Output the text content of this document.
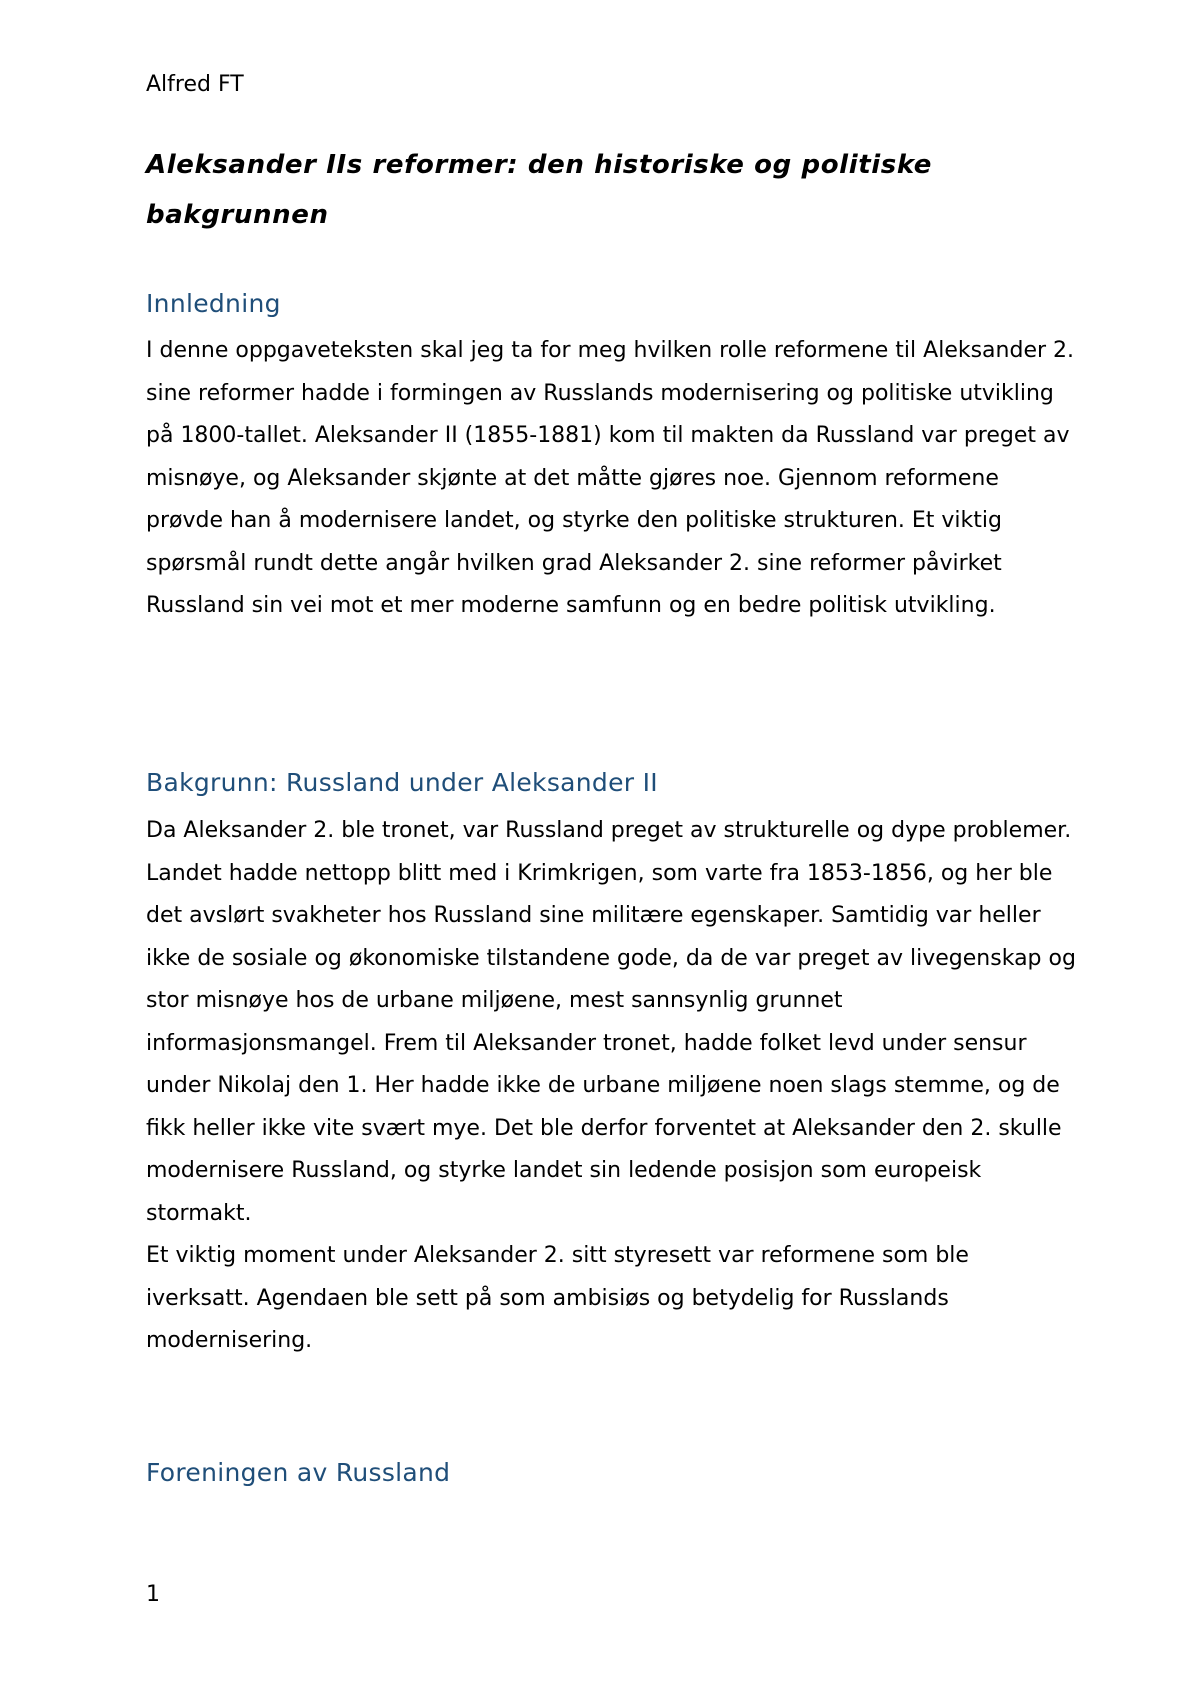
Alfred FT
Aleksander IIs reformer: den historiske og politiske bakgrunnen
Innledning

I denne oppgaveteksten skal jeg ta for meg hvilken rolle reformene til Aleksander 2. sine reformer hadde i formingen av Russlands modernisering og politiske utvikling på 1800-tallet. Aleksander II (1855-1881) kom til makten da Russland var preget av misnøye, og Aleksander skjønte at det måtte gjøres noe. Gjennom reformene prøvde han å modernisere landet, og styrke den politiske strukturen. Et viktig spørsmål rundt dette angår hvilken grad Aleksander 2. sine reformer påvirket Russland sin vei mot et mer moderne samfunn og en bedre politisk utvikling.

Bakgrunn: Russland under Aleksander II

Da Aleksander 2. ble tronet, var Russland preget av strukturelle og dype problemer. Landet hadde nettopp blitt med i Krimkrigen, som varte fra 1853-1856, og her ble det avslørt svakheter hos Russland sine militære egenskaper. Samtidig var heller ikke de sosiale og økonomiske tilstandene gode, da de var preget av livegenskap og stor misnøye hos de urbane miljøene, mest sannsynlig grunnet informasjonsmangel. Frem til Aleksander tronet, hadde folket levd under sensur under Nikolaj den 1. Her hadde ikke de urbane miljøene noen slags stemme, og de fikk heller ikke vite svært mye. Det ble derfor forventet at Aleksander den 2. skulle modernisere Russland, og styrke landet sin ledende posisjon som europeisk stormakt.

Et viktig moment under Aleksander 2. sitt styresett var reformene som ble iverksatt. Agendaen ble sett på som ambisiøs og betydelig for Russlands modernisering.

Foreningen av Russland
1
